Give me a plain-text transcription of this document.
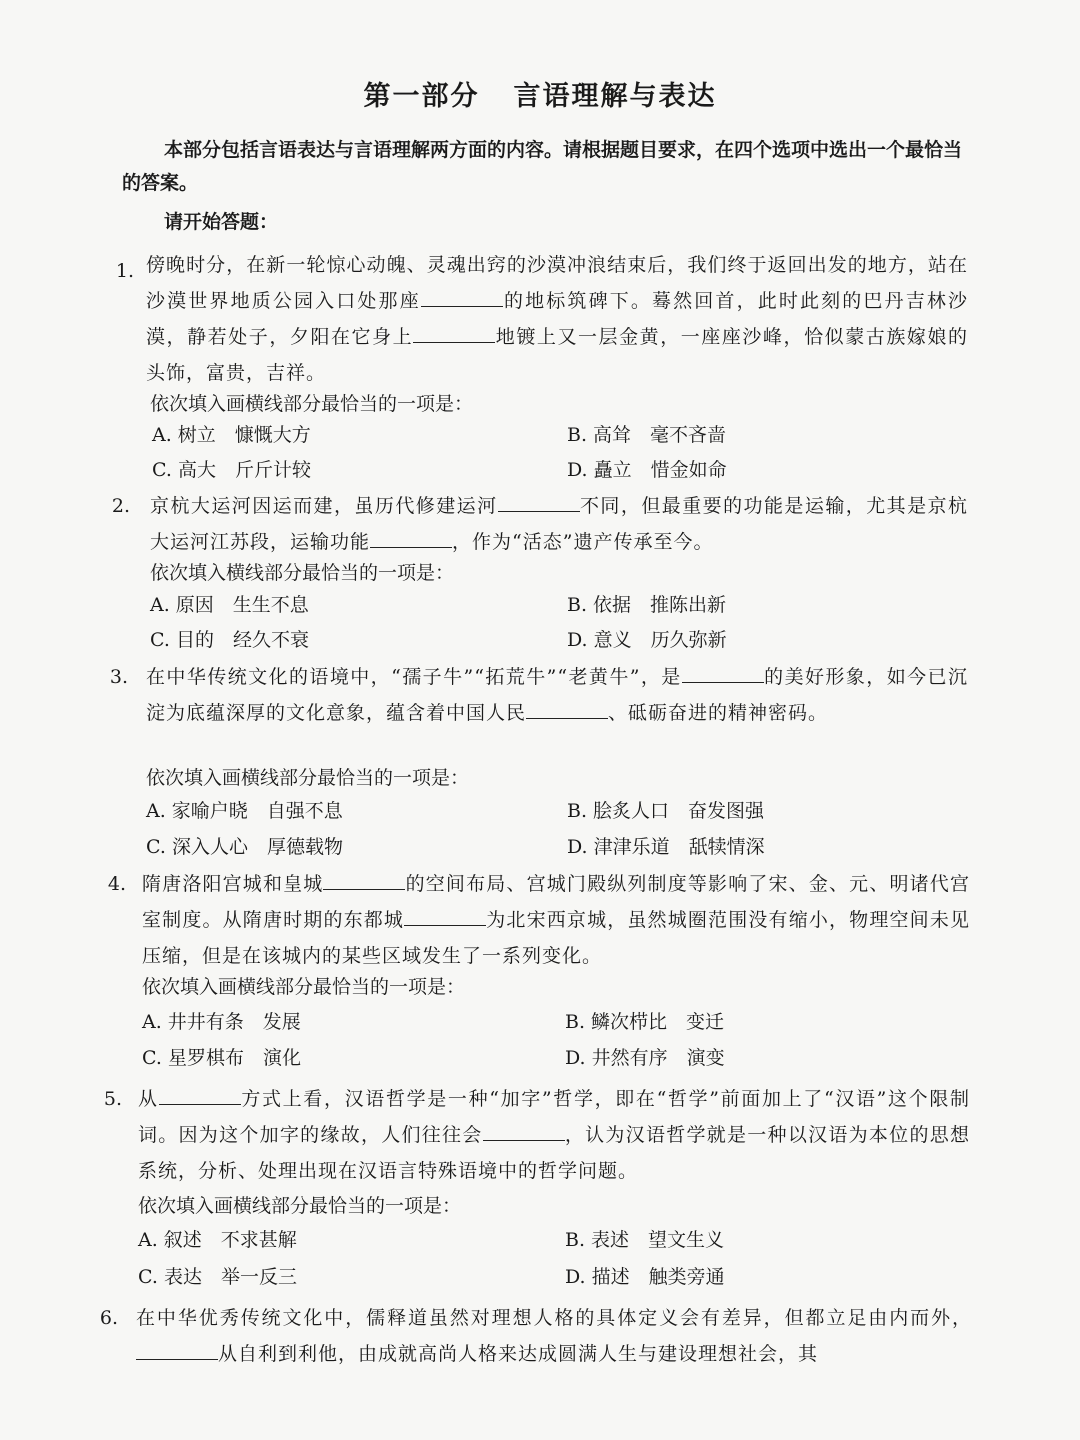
第一部分 言语理解与表达

本部分包括言语表达与言语理解两方面的内容。请根据题目要求，在四个选项中选出一个最恰当的答案。

请开始答题：

1. 傍晚时分，在新一轮惊心动魄、灵魂出窍的沙漠冲浪结束后，我们终于返回出发的地方，站在沙漠世界地质公园入口处那座	的地标筑碑下。蓦然回首，此时此刻的巴丹吉林沙漠，静若处子，夕阳在它身上	地镀上又一层金黄，一座座沙峰，恰似蒙古族嫁娘的头饰，富贵，吉祥。
依次填入画横线部分最恰当的一项是：
A. 树立　慷慨大方	B. 高耸　毫不吝啬
C. 高大　斤斤计较	D. 矗立　惜金如命
2. 京杭大运河因运而建，虽历代修建运河	不同，但最重要的功能是运输，尤其是京杭大运河江苏段，运输功能	，作为“活态”遗产传承至今。
依次填入横线部分最恰当的一项是：
A. 原因　生生不息	B. 依据　推陈出新
C. 目的　经久不衰	D. 意义　历久弥新
3. 在中华传统文化的语境中，“孺子牛”“拓荒牛”“老黄牛”，是	的美好形象，如今已沉淀为底蕴深厚的文化意象，蕴含着中国人民	、砥砺奋进的精神密码。
依次填入画横线部分最恰当的一项是：
A. 家喻户晓　自强不息	B. 脍炙人口　奋发图强
C. 深入人心　厚德载物	D. 津津乐道　舐犊情深
4. 隋唐洛阳宫城和皇城	的空间布局、宫城门殿纵列制度等影响了宋、金、元、明诸代宫室制度。从隋唐时期的东都城	为北宋西京城，虽然城圈范围没有缩小，物理空间未见压缩，但是在该城内的某些区域发生了一系列变化。
依次填入画横线部分最恰当的一项是：
A. 井井有条　发展	B. 鳞次栉比　变迁
C. 星罗棋布　演化	D. 井然有序　演变
5. 从	方式上看，汉语哲学是一种“加字”哲学，即在“哲学”前面加上了“汉语”这个限制词。因为这个加字的缘故，人们往往会	，认为汉语哲学就是一种以汉语为本位的思想系统，分析、处理出现在汉语言特殊语境中的哲学问题。
依次填入画横线部分最恰当的一项是：
A. 叙述　不求甚解	B. 表述　望文生义
C. 表达　举一反三	D. 描述　触类旁通
6. 在中华优秀传统文化中，儒释道虽然对理想人格的具体定义会有差异，但都立足由内而外，从自利到利他，由成就高尚人格来达成圆满人生与建设理想社会，其
